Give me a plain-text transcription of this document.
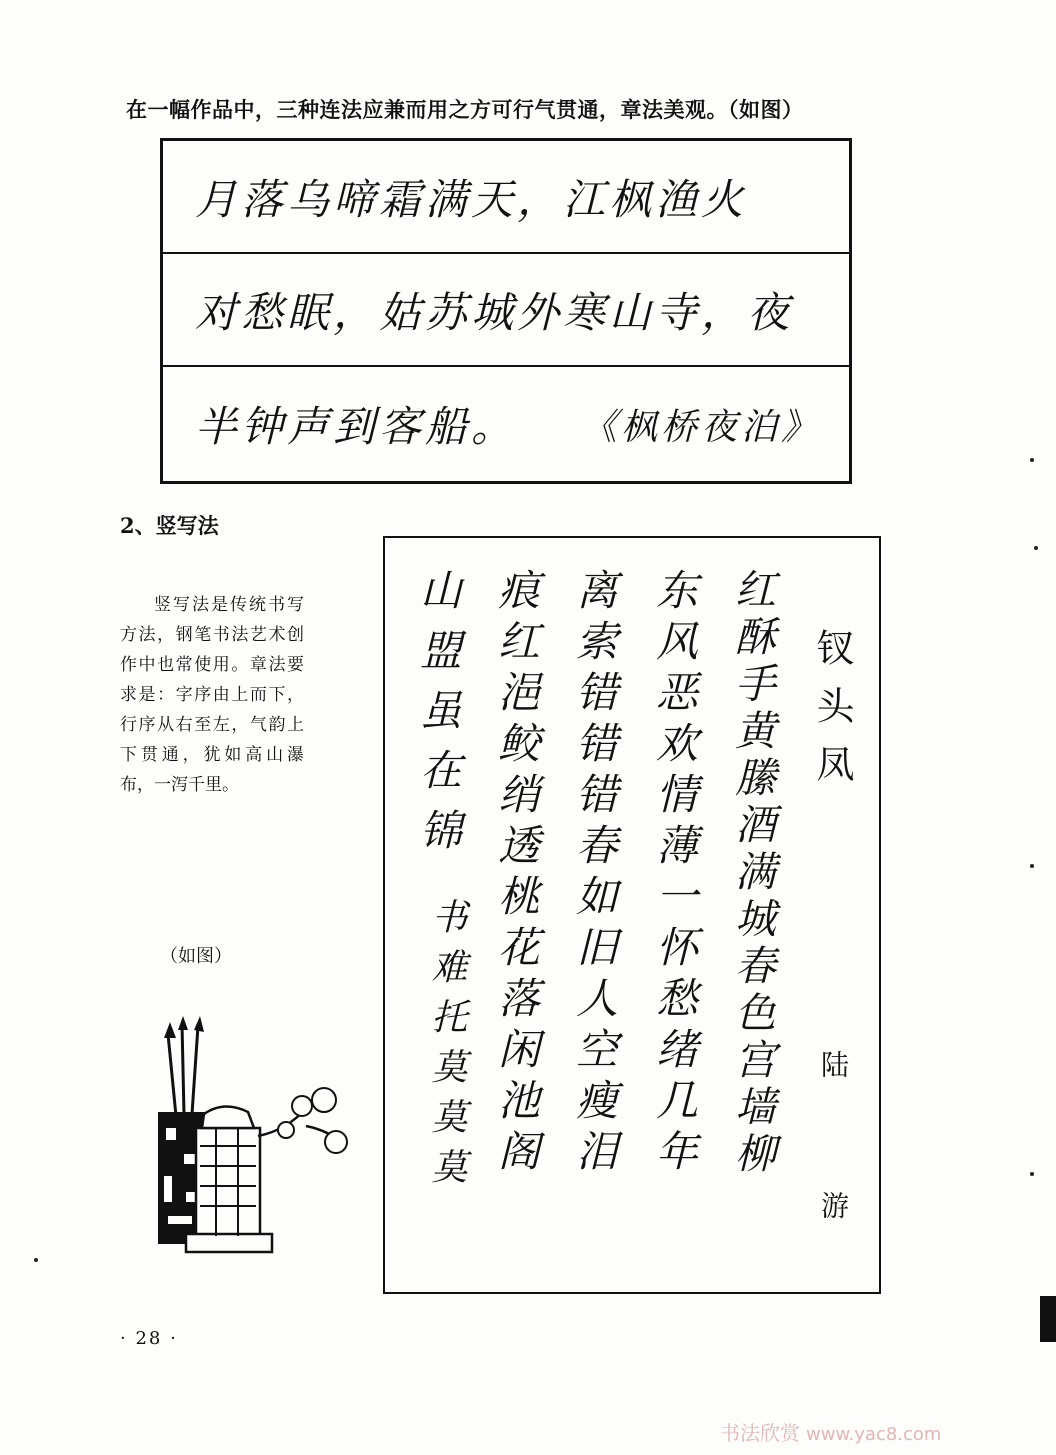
在一幅作品中，三种连法应兼而用之方可行气贯通，章法美观。（如图）
月落乌啼霜满天，江枫渔火
对愁眠，姑苏城外寒山寺，夜
半钟声到客船。 《枫桥夜泊》
2、竖写法
竖写法是传统书写方法，钢笔书法艺术创作中也常使用。章法要求是：字序由上而下，行序从右至左，气韵上下贯通，犹如高山瀑布，一泻千里。
（如图）
钗头凤
陆 游
红酥手黄縢酒满城春色宫墙柳
东风恶欢情薄一怀愁绪几年
离索错错错春如旧人空瘦泪
痕红浥鲛绡透桃花落闲池阁
山盟虽在锦
书难托莫莫莫
· 28 ·
书法欣赏 www.yac8.com
